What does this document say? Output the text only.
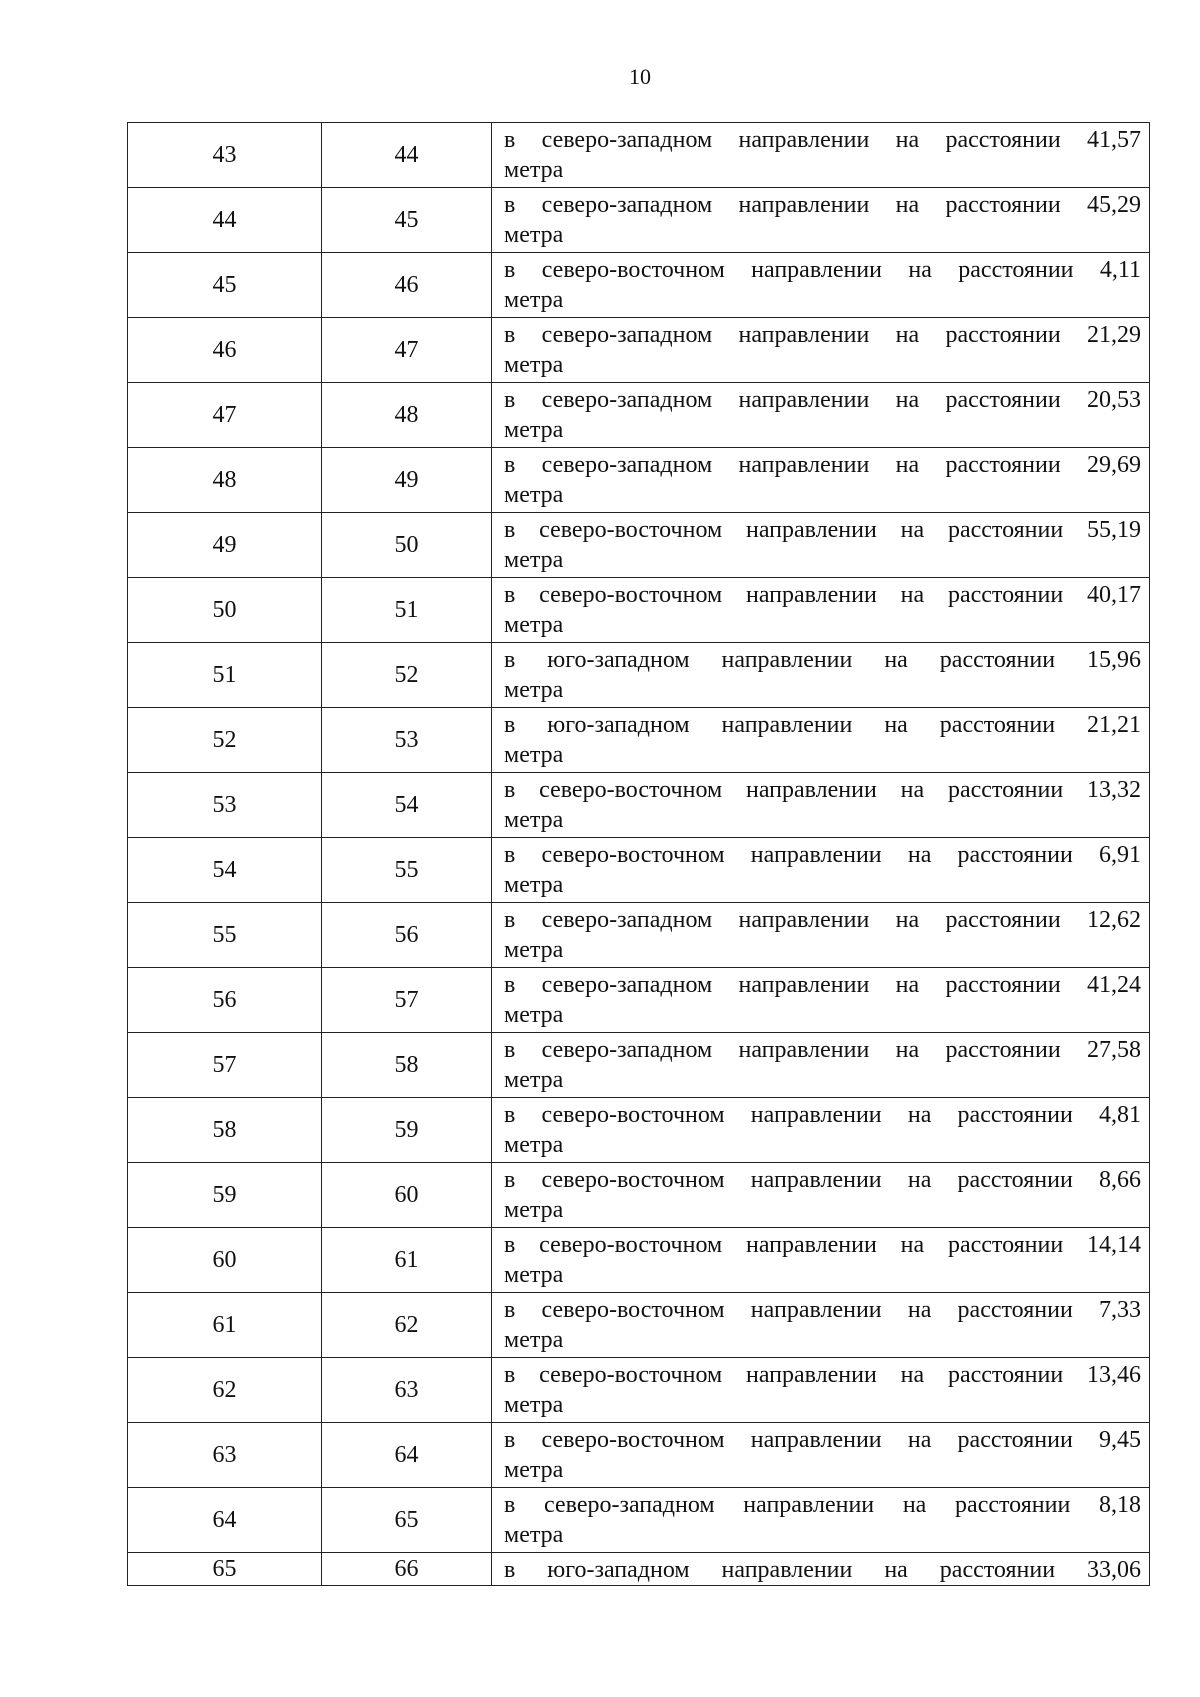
10
43	44	в северо-западном направлении на расстоянии 41,57
метра

44	45	в северо-западном направлении на расстоянии 45,29
метра

45	46	в северо-восточном направлении на расстоянии 4,11
метра

46	47	в северо-западном направлении на расстоянии 21,29
метра

47	48	в северо-западном направлении на расстоянии 20,53
метра

48	49	в северо-западном направлении на расстоянии 29,69
метра

49	50	в северо-восточном направлении на расстоянии 55,19
метра

50	51	в северо-восточном направлении на расстоянии 40,17
метра

51	52	в юго-западном направлении на расстоянии 15,96
метра

52	53	в юго-западном направлении на расстоянии 21,21
метра

53	54	в северо-восточном направлении на расстоянии 13,32
метра

54	55	в северо-восточном направлении на расстоянии 6,91
метра

55	56	в северо-западном направлении на расстоянии 12,62
метра

56	57	в северо-западном направлении на расстоянии 41,24
метра

57	58	в северо-западном направлении на расстоянии 27,58
метра

58	59	в северо-восточном направлении на расстоянии 4,81
метра

59	60	в северо-восточном направлении на расстоянии 8,66
метра

60	61	в северо-восточном направлении на расстоянии 14,14
метра

61	62	в северо-восточном направлении на расстоянии 7,33
метра

62	63	в северо-восточном направлении на расстоянии 13,46
метра

63	64	в северо-восточном направлении на расстоянии 9,45
метра

64	65	в северо-западном направлении на расстоянии 8,18
метра

65	66	в юго-западном направлении на расстоянии 33,06
